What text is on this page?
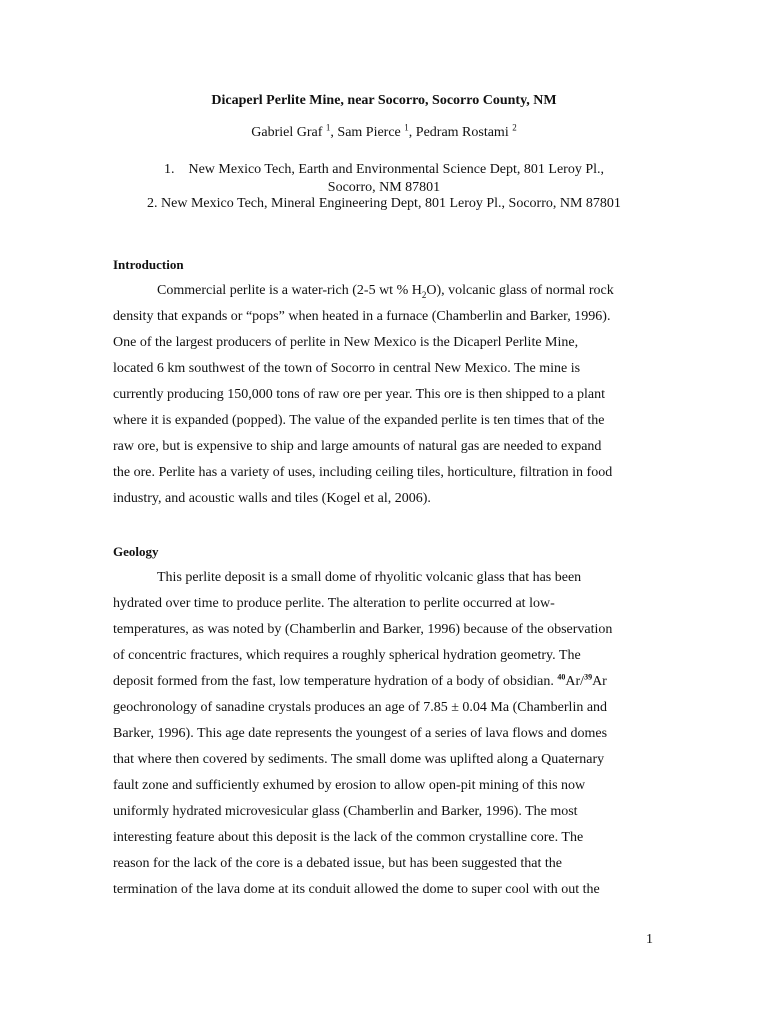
Dicaperl Perlite Mine, near Socorro, Socorro County, NM
Gabriel Graf $^1$, Sam Pierce $^1$, Pedram Rostami $^2$
1. New Mexico Tech, Earth and Environmental Science Dept, 801 Leroy Pl.,
Socorro, NM 87801
2. New Mexico Tech, Mineral Engineering Dept, 801 Leroy Pl., Socorro, NM 87801
Introduction
Commercial perlite is a water-rich (2-5 wt % $H_2O$), volcanic glass of normal rock
density that expands or “pops” when heated in a furnace (Chamberlin and Barker, 1996).
One of the largest producers of perlite in New Mexico is the Dicaperl Perlite Mine,
located 6 km southwest of the town of Socorro in central New Mexico. The mine is
currently producing 150,000 tons of raw ore per year. This ore is then shipped to a plant
where it is expanded (popped). The value of the expanded perlite is ten times that of the
raw ore, but is expensive to ship and large amounts of natural gas are needed to expand
the ore. Perlite has a variety of uses, including ceiling tiles, horticulture, filtration in food
industry, and acoustic walls and tiles (Kogel et al, 2006).
Geology
This perlite deposit is a small dome of rhyolitic volcanic glass that has been
hydrated over time to produce perlite. The alteration to perlite occurred at low-
temperatures, as was noted by (Chamberlin and Barker, 1996) because of the observation
of concentric fractures, which requires a roughly spherical hydration geometry. The
deposit formed from the fast, low temperature hydration of a body of obsidian. $^{40}$Ar/$^{39}$Ar
geochronology of sanadine crystals produces an age of 7.85 ± 0.04 Ma (Chamberlin and
Barker, 1996). This age date represents the youngest of a series of lava flows and domes
that where then covered by sediments. The small dome was uplifted along a Quaternary
fault zone and sufficiently exhumed by erosion to allow open-pit mining of this now
uniformly hydrated microvesicular glass (Chamberlin and Barker, 1996). The most
interesting feature about this deposit is the lack of the common crystalline core. The
reason for the lack of the core is a debated issue, but has been suggested that the
termination of the lava dome at its conduit allowed the dome to super cool with out the
1
